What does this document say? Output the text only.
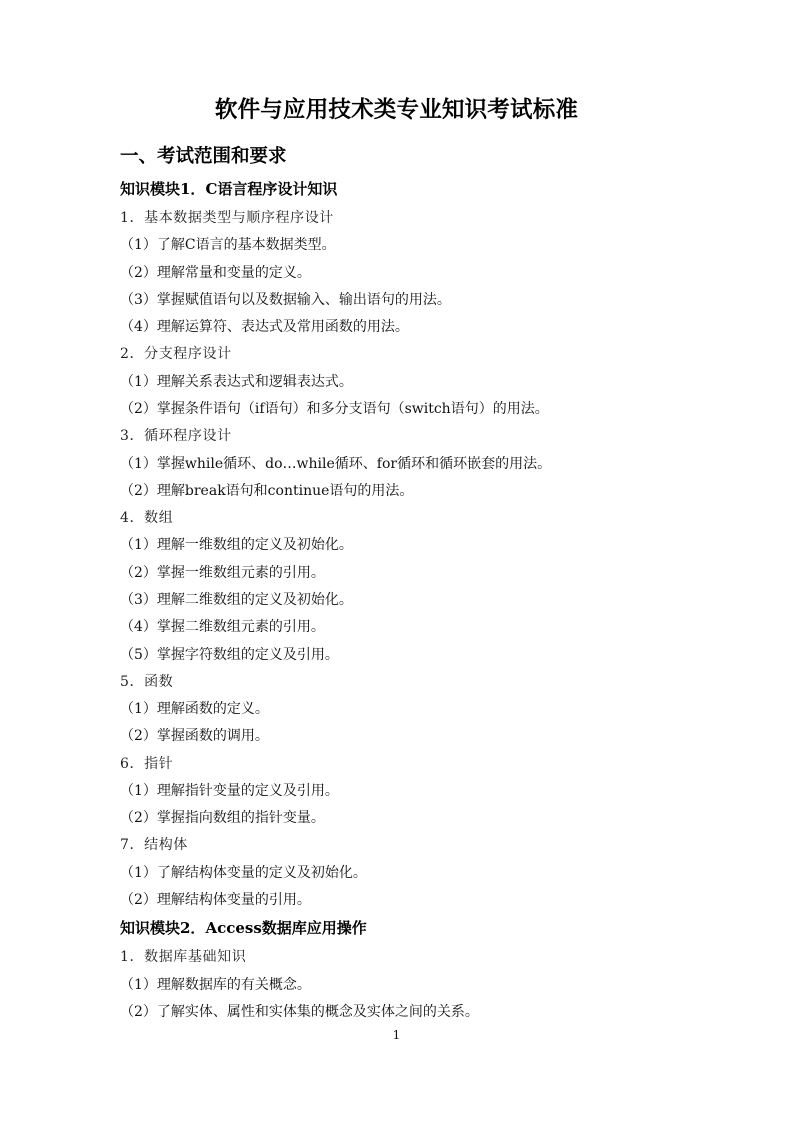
软件与应用技术类专业知识考试标准
一、考试范围和要求
知识模块1．C语言程序设计知识

1．基本数据类型与顺序程序设计

（1）了解C语言的基本数据类型。

（2）理解常量和变量的定义。

（3）掌握赋值语句以及数据输入、输出语句的用法。

（4）理解运算符、表达式及常用函数的用法。

2．分支程序设计

（1）理解关系表达式和逻辑表达式。

（2）掌握条件语句（if语句）和多分支语句（switch语句）的用法。

3．循环程序设计

（1）掌握while循环、do…while循环、for循环和循环嵌套的用法。

（2）理解break语句和continue语句的用法。

4．数组

（1）理解一维数组的定义及初始化。

（2）掌握一维数组元素的引用。

（3）理解二维数组的定义及初始化。

（4）掌握二维数组元素的引用。

（5）掌握字符数组的定义及引用。

5．函数

（1）理解函数的定义。

（2）掌握函数的调用。

6．指针

（1）理解指针变量的定义及引用。

（2）掌握指向数组的指针变量。

7．结构体

（1）了解结构体变量的定义及初始化。

（2）理解结构体变量的引用。

知识模块2．Access数据库应用操作

1．数据库基础知识

（1）理解数据库的有关概念。

（2）了解实体、属性和实体集的概念及实体之间的关系。

1
